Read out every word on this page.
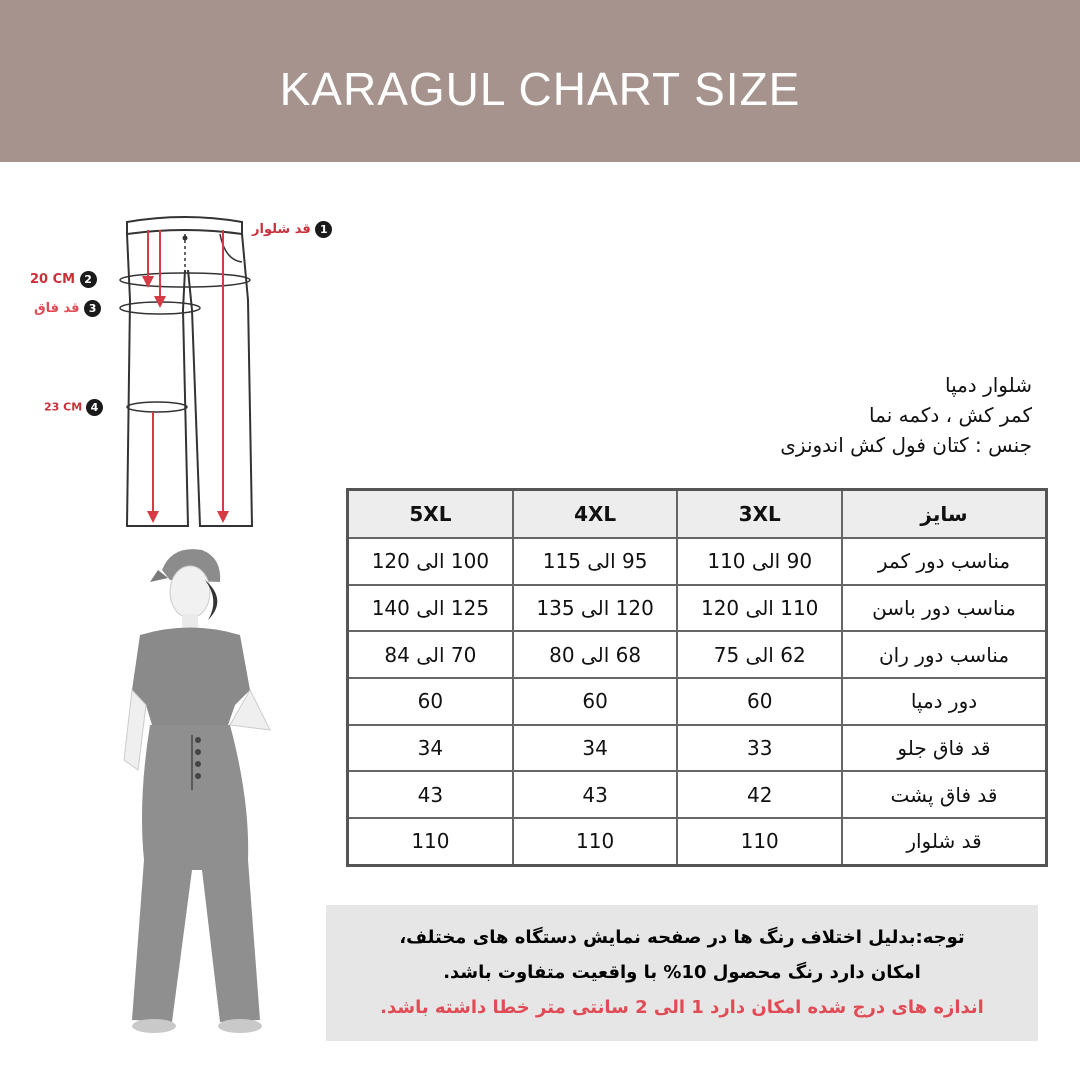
KARAGUL CHART SIZE
1 قد شلوار
20 CM 2
3 قد فاق
23 CM 4
شلوار دمپا
کمر کش ، دکمه نما
جنس : کتان فول کش اندونزی
سایز	3XL	4XL	5XL
مناسب دور کمر	90 الی 110	95 الی 115	100 الی 120
مناسب دور باسن	110 الی 120	120 الی 135	125 الی 140
مناسب دور ران	62 الی 75	68 الی 80	70 الی 84
دور دمپا	60	60	60
قد فاق جلو	33	34	34
قد فاق پشت	42	43	43
قد شلوار	110	110	110
توجه:بدلیل اختلاف رنگ ها در صفحه نمایش دستگاه های مختلف،
امکان دارد رنگ محصول 10% با واقعیت متفاوت باشد.
اندازه های درج شده امکان دارد 1 الی 2 سانتی متر خطا داشته باشد.
